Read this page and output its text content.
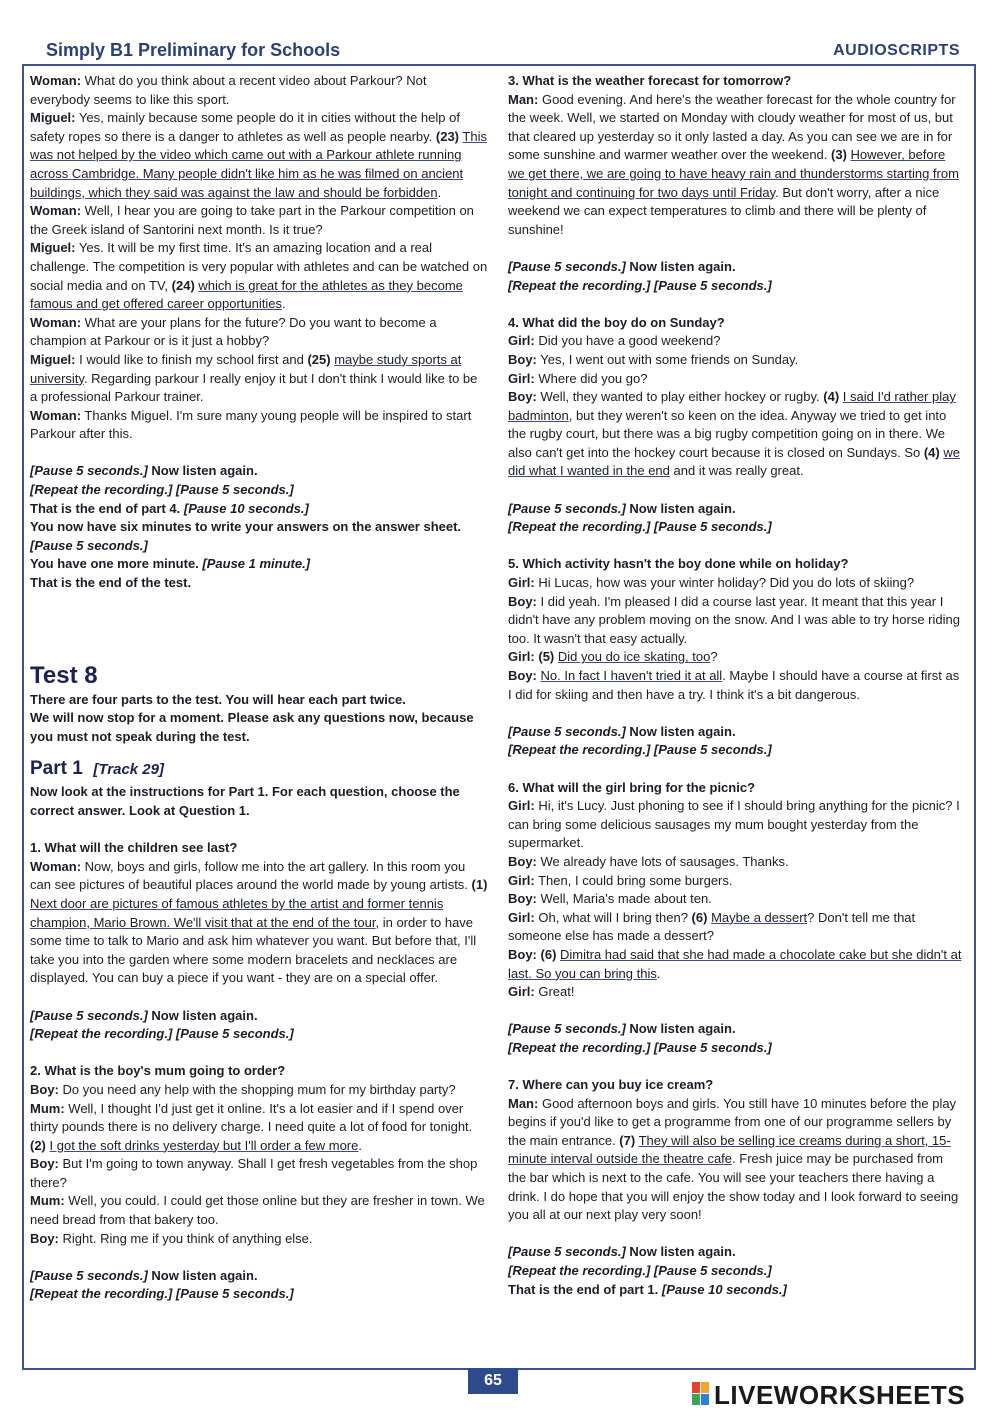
Simply B1 Preliminary for Schools	AUDIOSCRIPTS

Woman: What do you think about a recent video about Parkour? Not everybody seems to like this sport.

Miguel: Yes, mainly because some people do it in cities without the help of safety ropes so there is a danger to athletes as well as people nearby. (23) This was not helped by the video which came out with a Parkour athlete running across Cambridge. Many people didn't like him as he was filmed on ancient buildings, which they said was against the law and should be forbidden.

Woman: Well, I hear you are going to take part in the Parkour competition on the Greek island of Santorini next month. Is it true?

Miguel: Yes. It will be my first time. It's an amazing location and a real challenge. The competition is very popular with athletes and can be watched on social media and on TV, (24) which is great for the athletes as they become famous and get offered career opportunities.

Woman: What are your plans for the future? Do you want to become a champion at Parkour or is it just a hobby?

Miguel: I would like to finish my school first and (25) maybe study sports at university. Regarding parkour I really enjoy it but I don't think I would like to be a professional Parkour trainer.

Woman: Thanks Miguel. I'm sure many young people will be inspired to start Parkour after this.

[Pause 5 seconds.] Now listen again.

[Repeat the recording.] [Pause 5 seconds.]

That is the end of part 4. [Pause 10 seconds.]

You now have six minutes to write your answers on the answer sheet.

[Pause 5 seconds.]

You have one more minute. [Pause 1 minute.]

That is the end of the test.

Test 8

There are four parts to the test. You will hear each part twice.

We will now stop for a moment. Please ask any questions now, because you must not speak during the test.

Part 1 [Track 29]

Now look at the instructions for Part 1. For each question, choose the correct answer. Look at Question 1.

1. What will the children see last?

Woman: Now, boys and girls, follow me into the art gallery. In this room you can see pictures of beautiful places around the world made by young artists. (1) Next door are pictures of famous athletes by the artist and former tennis champion, Mario Brown. We'll visit that at the end of the tour, in order to have some time to talk to Mario and ask him whatever you want. But before that, I'll take you into the garden where some modern bracelets and necklaces are displayed. You can buy a piece if you want - they are on a special offer.

[Pause 5 seconds.] Now listen again.

[Repeat the recording.] [Pause 5 seconds.]

2. What is the boy's mum going to order?

Boy: Do you need any help with the shopping mum for my birthday party?

Mum: Well, I thought I'd just get it online. It's a lot easier and if I spend over thirty pounds there is no delivery charge. I need quite a lot of food for tonight. (2) I got the soft drinks yesterday but I'll order a few more.

Boy: But I'm going to town anyway. Shall I get fresh vegetables from the shop there?

Mum: Well, you could. I could get those online but they are fresher in town. We need bread from that bakery too.

Boy: Right. Ring me if you think of anything else.

[Pause 5 seconds.] Now listen again.

[Repeat the recording.] [Pause 5 seconds.]

3. What is the weather forecast for tomorrow?

Man: Good evening. And here's the weather forecast for the whole country for the week. Well, we started on Monday with cloudy weather for most of us, but that cleared up yesterday so it only lasted a day. As you can see we are in for some sunshine and warmer weather over the weekend. (3) However, before we get there, we are going to have heavy rain and thunderstorms starting from tonight and continuing for two days until Friday. But don't worry, after a nice weekend we can expect temperatures to climb and there will be plenty of sunshine!

[Pause 5 seconds.] Now listen again.

[Repeat the recording.] [Pause 5 seconds.]

4. What did the boy do on Sunday?

Girl: Did you have a good weekend?

Boy: Yes, I went out with some friends on Sunday.

Girl: Where did you go?

Boy: Well, they wanted to play either hockey or rugby. (4) I said I'd rather play badminton, but they weren't so keen on the idea. Anyway we tried to get into the rugby court, but there was a big rugby competition going on in there. We also can't get into the hockey court because it is closed on Sundays. So (4) we did what I wanted in the end and it was really great.

[Pause 5 seconds.] Now listen again.

[Repeat the recording.] [Pause 5 seconds.]

5. Which activity hasn't the boy done while on holiday?

Girl: Hi Lucas, how was your winter holiday? Did you do lots of skiing?

Boy: I did yeah. I'm pleased I did a course last year. It meant that this year I didn't have any problem moving on the snow. And I was able to try horse riding too. It wasn't that easy actually.

Girl: (5) Did you do ice skating, too?

Boy: No. In fact I haven't tried it at all. Maybe I should have a course at first as I did for skiing and then have a try. I think it's a bit dangerous.

[Pause 5 seconds.] Now listen again.

[Repeat the recording.] [Pause 5 seconds.]

6. What will the girl bring for the picnic?

Girl: Hi, it's Lucy. Just phoning to see if I should bring anything for the picnic? I can bring some delicious sausages my mum bought yesterday from the supermarket.

Boy: We already have lots of sausages. Thanks.

Girl: Then, I could bring some burgers.

Boy: Well, Maria's made about ten.

Girl: Oh, what will I bring then? (6) Maybe a dessert? Don't tell me that someone else has made a dessert?

Boy: (6) Dimitra had said that she had made a chocolate cake but she didn't at last. So you can bring this.

Girl: Great!

[Pause 5 seconds.] Now listen again.

[Repeat the recording.] [Pause 5 seconds.]

7. Where can you buy ice cream?

Man: Good afternoon boys and girls. You still have 10 minutes before the play begins if you'd like to get a programme from one of our programme sellers by the main entrance. (7) They will also be selling ice creams during a short, 15-minute interval outside the theatre cafe. Fresh juice may be purchased from the bar which is next to the cafe. You will see your teachers there having a drink. I do hope that you will enjoy the show today and I look forward to seeing you all at our next play very soon!

[Pause 5 seconds.] Now listen again.

[Repeat the recording.] [Pause 5 seconds.]

That is the end of part 1. [Pause 10 seconds.]

65	LIVEWORKSHEETS
